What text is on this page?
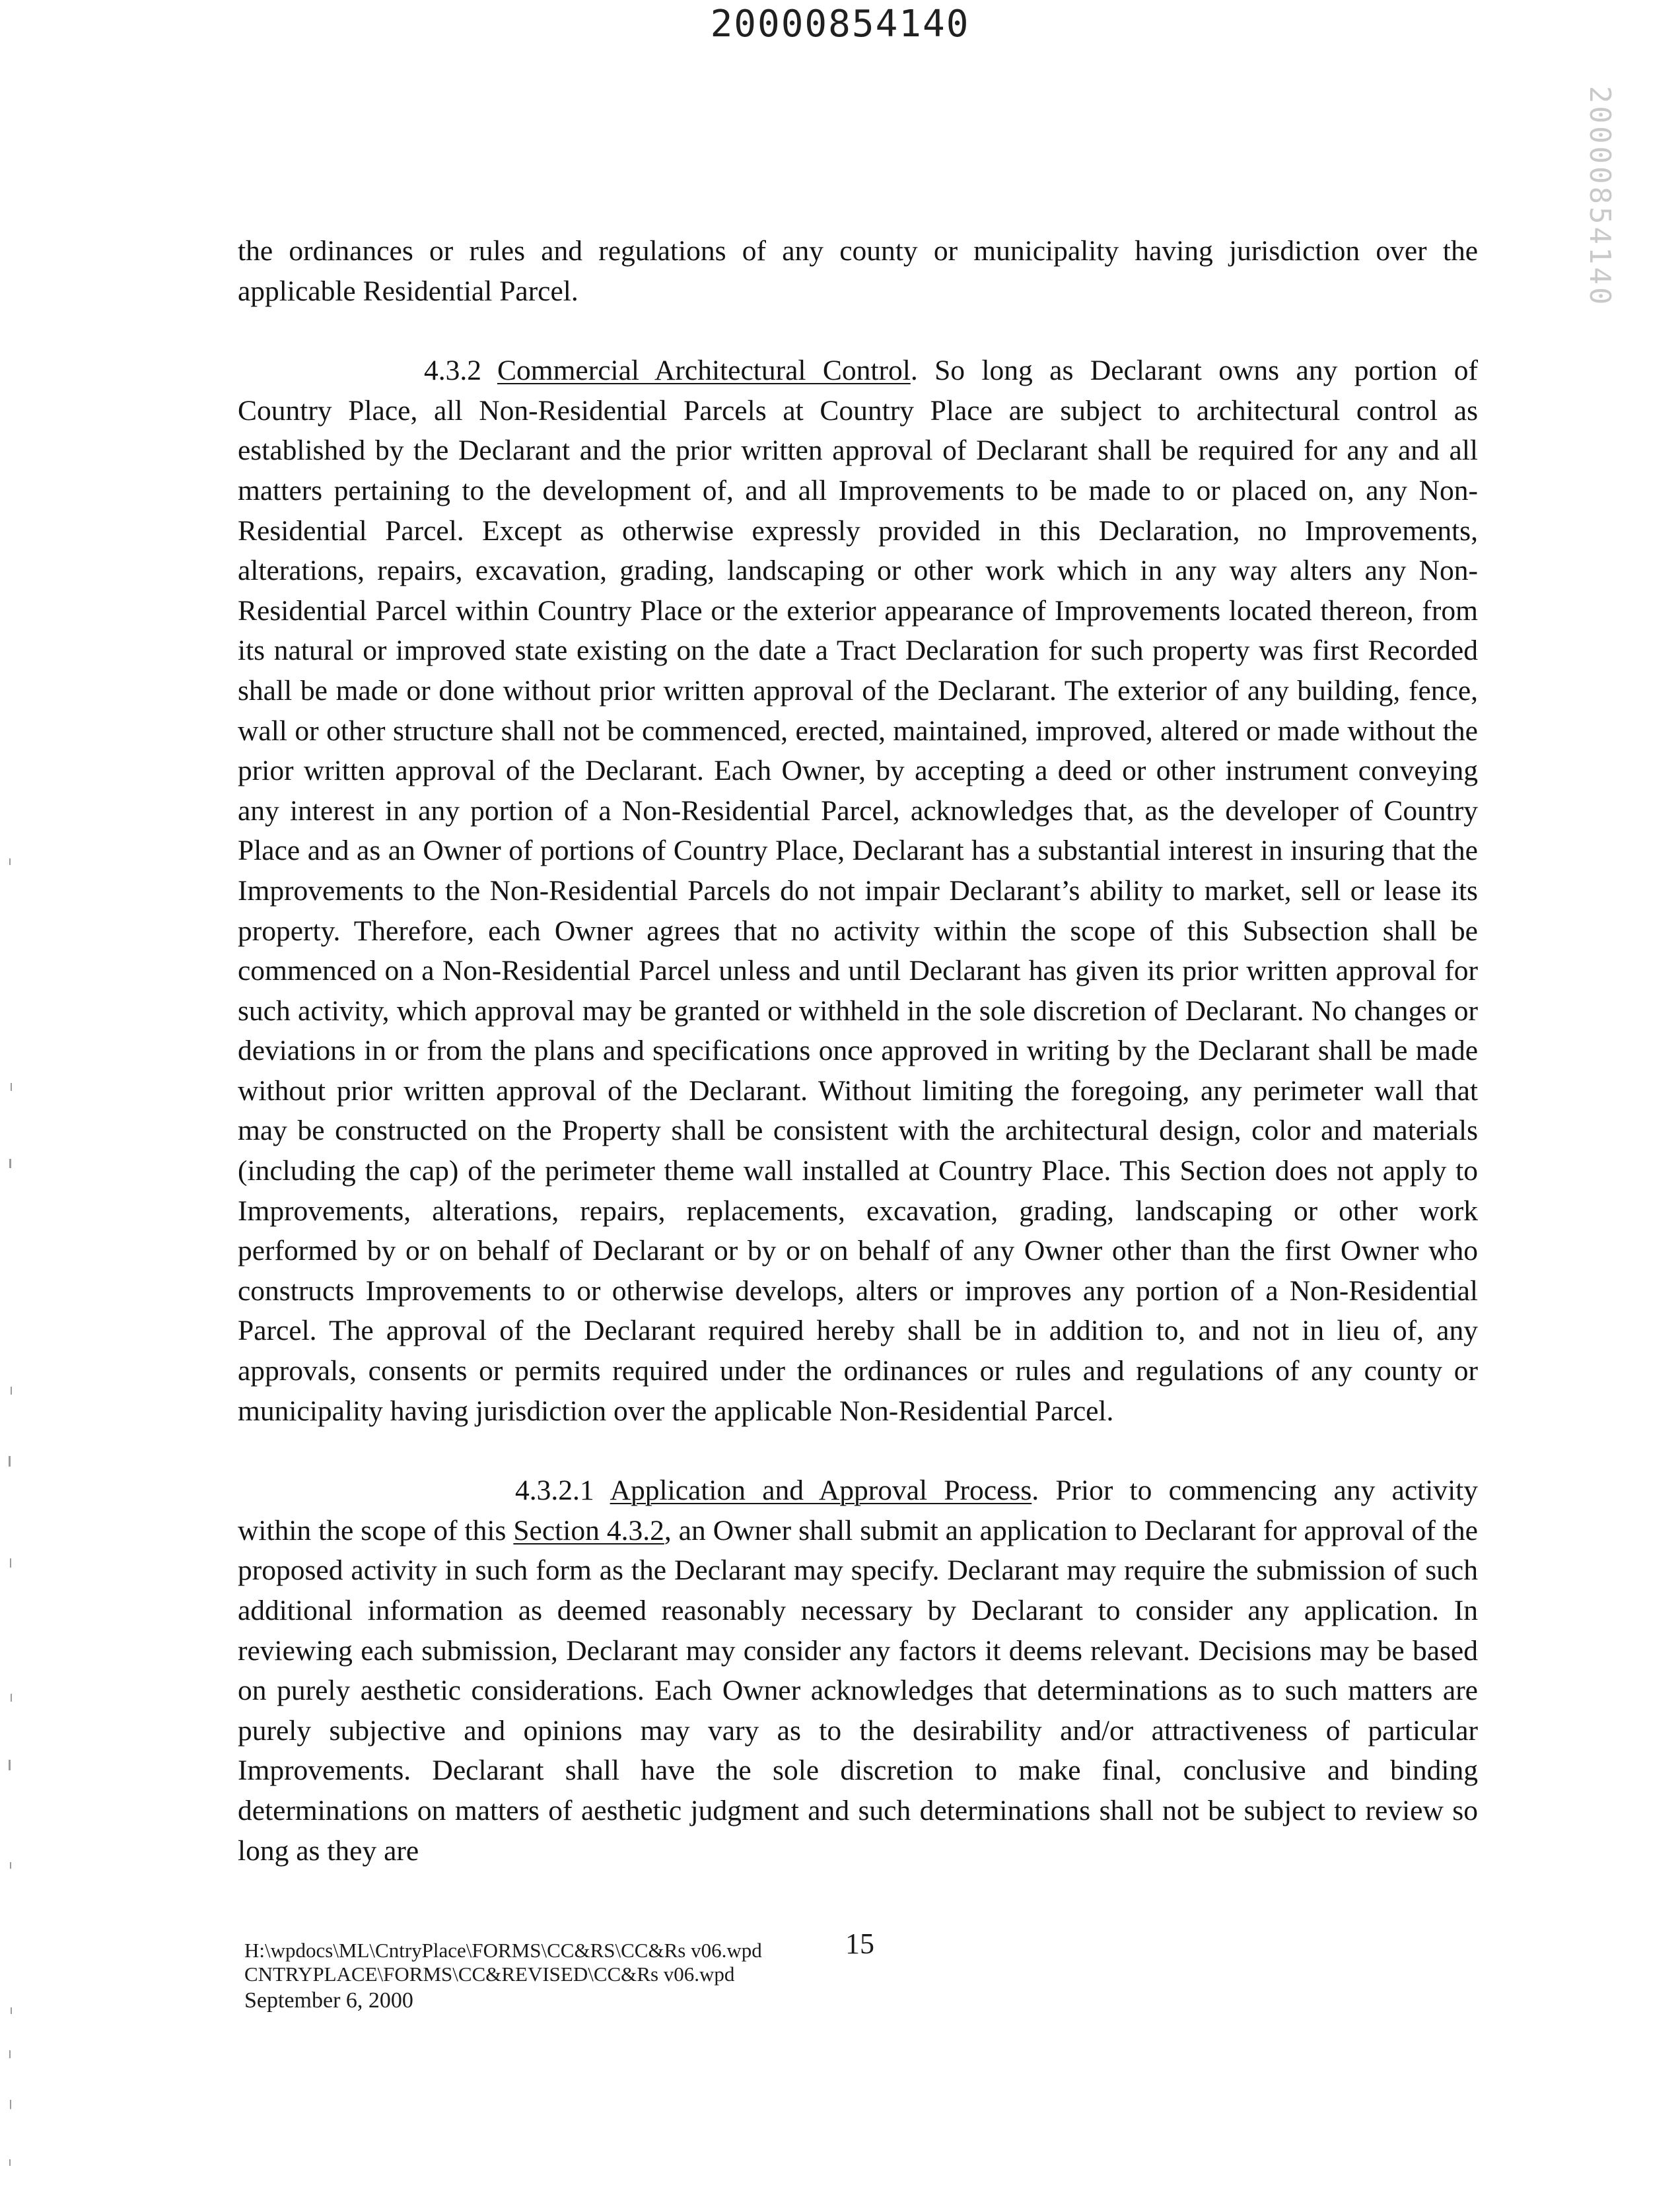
20000854140
20000854140

the ordinances or rules and regulations of any county or municipality having jurisdiction over the applicable Residential Parcel.

4.3.2 Commercial Architectural Control. So long as Declarant owns any portion of Country Place, all Non-Residential Parcels at Country Place are subject to architectural control as established by the Declarant and the prior written approval of Declarant shall be required for any and all matters pertaining to the development of, and all Improvements to be made to or placed on, any Non-Residential Parcel. Except as otherwise expressly provided in this Declaration, no Improvements, alterations, repairs, excavation, grading, landscaping or other work which in any way alters any Non-Residential Parcel within Country Place or the exterior appearance of Improvements located thereon, from its natural or improved state existing on the date a Tract Declaration for such property was first Recorded shall be made or done without prior written approval of the Declarant. The exterior of any building, fence, wall or other structure shall not be commenced, erected, maintained, improved, altered or made without the prior written approval of the Declarant. Each Owner, by accepting a deed or other instrument conveying any interest in any portion of a Non-Residential Parcel, acknowledges that, as the developer of Country Place and as an Owner of portions of Country Place, Declarant has a substantial interest in insuring that the Improvements to the Non-Residential Parcels do not impair Declarant’s ability to market, sell or lease its property. Therefore, each Owner agrees that no activity within the scope of this Subsection shall be commenced on a Non-Residential Parcel unless and until Declarant has given its prior written approval for such activity, which approval may be granted or withheld in the sole discretion of Declarant. No changes or deviations in or from the plans and specifications once approved in writing by the Declarant shall be made without prior written approval of the Declarant. Without limiting the foregoing, any perimeter wall that may be constructed on the Property shall be consistent with the architectural design, color and materials (including the cap) of the perimeter theme wall installed at Country Place. This Section does not apply to Improvements, alterations, repairs, replacements, excavation, grading, landscaping or other work performed by or on behalf of Declarant or by or on behalf of any Owner other than the first Owner who constructs Improvements to or otherwise develops, alters or improves any portion of a Non-Residential Parcel. The approval of the Declarant required hereby shall be in addition to, and not in lieu of, any approvals, consents or permits required under the ordinances or rules and regulations of any county or municipality having jurisdiction over the applicable Non-Residential Parcel.

4.3.2.1 Application and Approval Process. Prior to commencing any activity within the scope of this Section 4.3.2, an Owner shall submit an application to Declarant for approval of the proposed activity in such form as the Declarant may specify. Declarant may require the submission of such additional information as deemed reasonably necessary by Declarant to consider any application. In reviewing each submission, Declarant may consider any factors it deems relevant. Decisions may be based on purely aesthetic considerations. Each Owner acknowledges that determinations as to such matters are purely subjective and opinions may vary as to the desirability and/or attractiveness of particular Improvements. Declarant shall have the sole discretion to make final, conclusive and binding determinations on matters of aesthetic judgment and such determinations shall not be subject to review so long as they are

H:\wpdocs\ML\CntryPlace\FORMS\CC&RS\CC&Rs v06.wpd
CNTRYPLACE\FORMS\CC&REVISED\CC&Rs v06.wpd
September 6, 2000
15
